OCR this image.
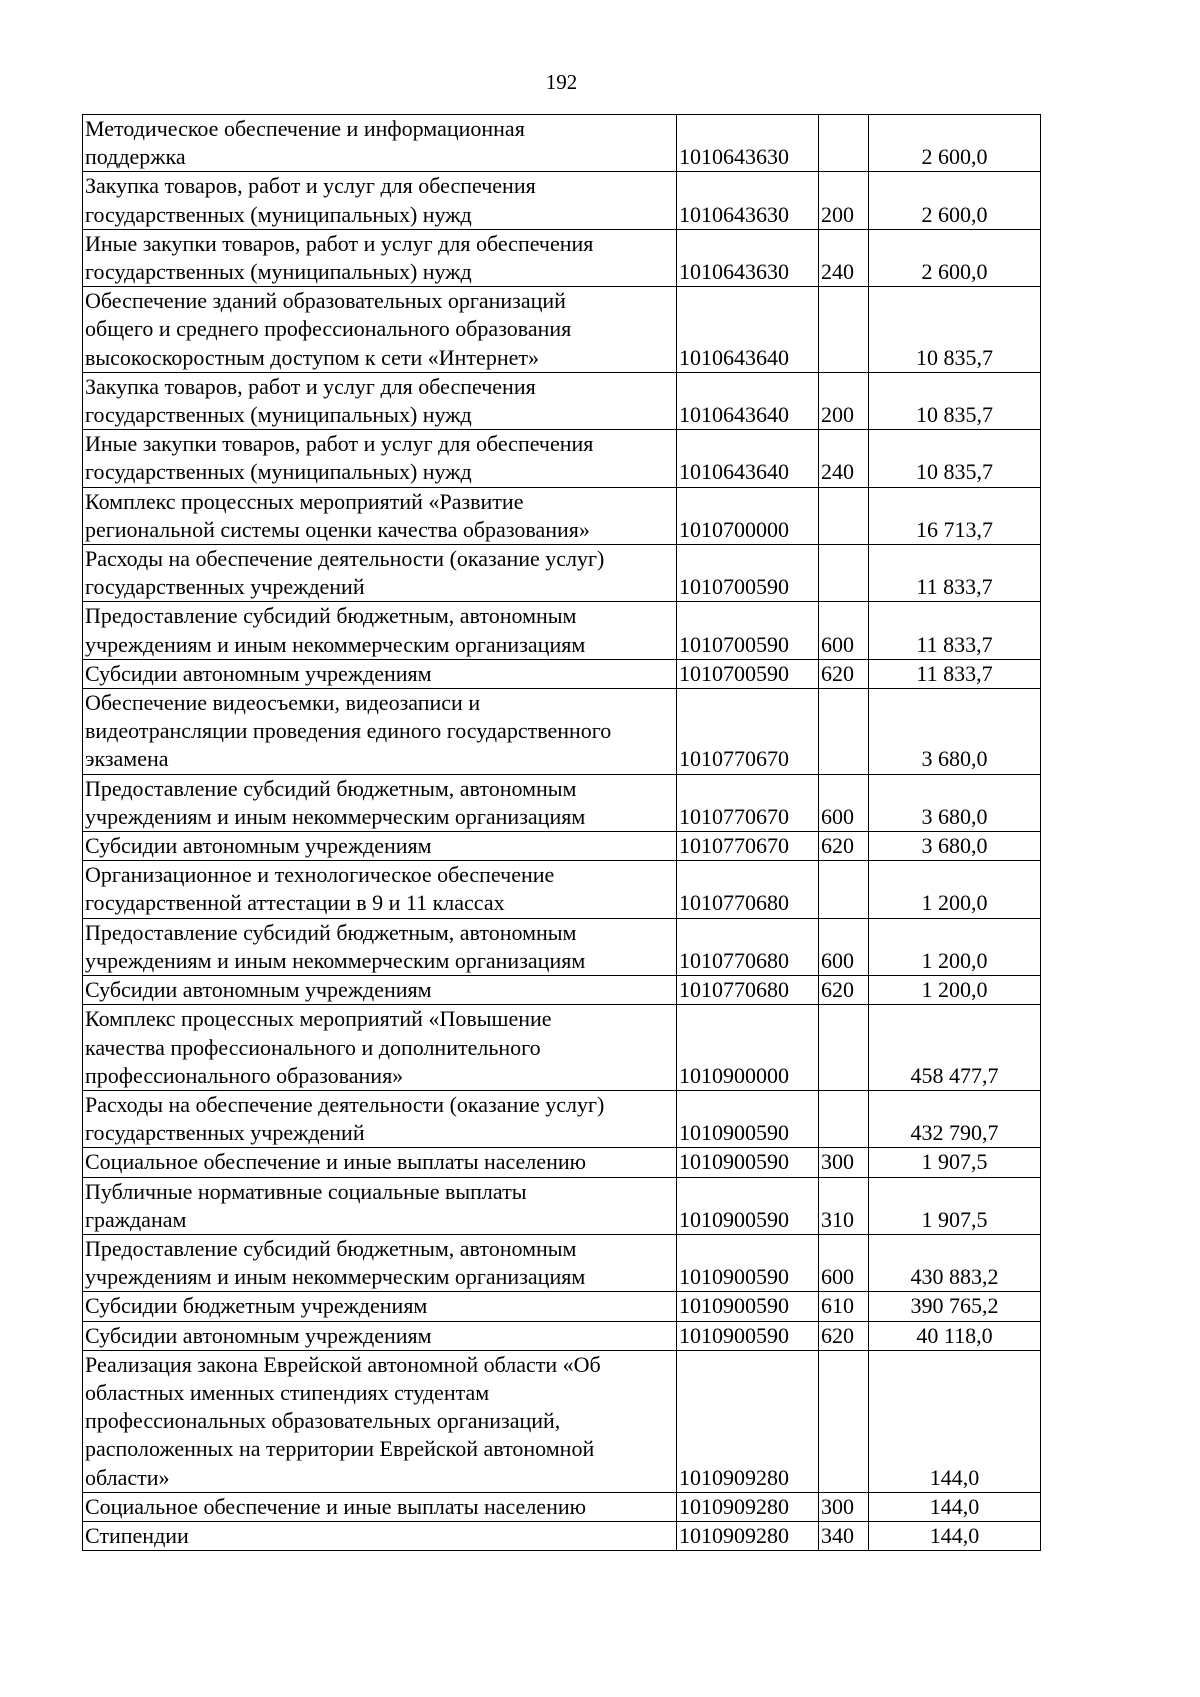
192
Методическое обеспечение и информационная
поддержка	1010643630		2 600,0
Закупка товаров, работ и услуг для обеспечения
государственных (муниципальных) нужд	1010643630	200	2 600,0
Иные закупки товаров, работ и услуг для обеспечения
государственных (муниципальных) нужд	1010643630	240	2 600,0
Обеспечение зданий образовательных организаций
общего и среднего профессионального образования
высокоскоростным доступом к сети «Интернет»	1010643640		10 835,7
Закупка товаров, работ и услуг для обеспечения
государственных (муниципальных) нужд	1010643640	200	10 835,7
Иные закупки товаров, работ и услуг для обеспечения
государственных (муниципальных) нужд	1010643640	240	10 835,7
Комплекс процессных мероприятий «Развитие
региональной системы оценки качества образования»	1010700000		16 713,7
Расходы на обеспечение деятельности (оказание услуг)
государственных учреждений	1010700590		11 833,7
Предоставление субсидий бюджетным, автономным
учреждениям и иным некоммерческим организациям	1010700590	600	11 833,7
Субсидии автономным учреждениям	1010700590	620	11 833,7
Обеспечение видеосъемки, видеозаписи и
видеотрансляции проведения единого государственного
экзамена	1010770670		3 680,0
Предоставление субсидий бюджетным, автономным
учреждениям и иным некоммерческим организациям	1010770670	600	3 680,0
Субсидии автономным учреждениям	1010770670	620	3 680,0
Организационное и технологическое обеспечение
государственной аттестации в 9 и 11 классах	1010770680		1 200,0
Предоставление субсидий бюджетным, автономным
учреждениям и иным некоммерческим организациям	1010770680	600	1 200,0
Субсидии автономным учреждениям	1010770680	620	1 200,0
Комплекс процессных мероприятий «Повышение
качества профессионального и дополнительного
профессионального образования»	1010900000		458 477,7
Расходы на обеспечение деятельности (оказание услуг)
государственных учреждений	1010900590		432 790,7
Социальное обеспечение и иные выплаты населению	1010900590	300	1 907,5
Публичные нормативные социальные выплаты
гражданам	1010900590	310	1 907,5
Предоставление субсидий бюджетным, автономным
учреждениям и иным некоммерческим организациям	1010900590	600	430 883,2
Субсидии бюджетным учреждениям	1010900590	610	390 765,2
Субсидии автономным учреждениям	1010900590	620	40 118,0
Реализация закона Еврейской автономной области «Об
областных именных стипендиях студентам
профессиональных образовательных организаций,
расположенных на территории Еврейской автономной
области»	1010909280		144,0
Социальное обеспечение и иные выплаты населению	1010909280	300	144,0
Стипендии	1010909280	340	144,0
